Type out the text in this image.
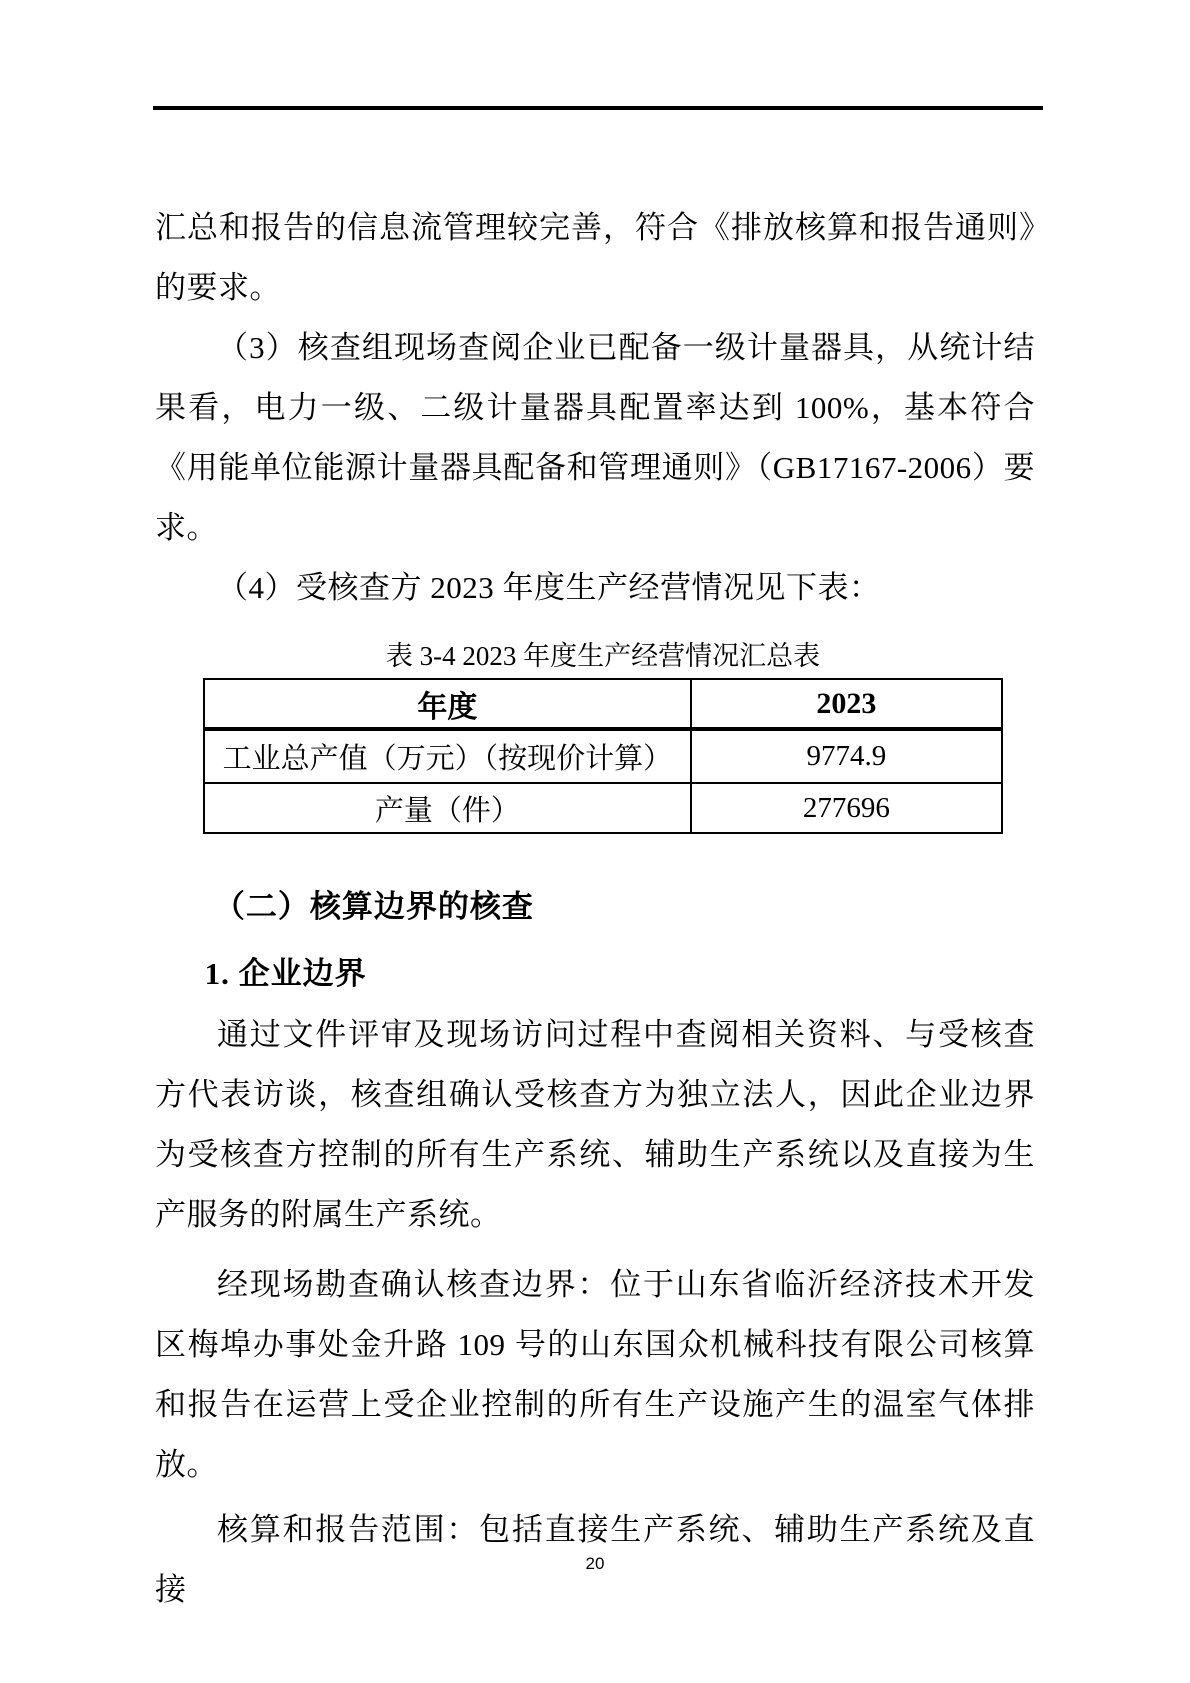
汇总和报告的信息流管理较完善，符合《排放核算和报告通则》的要求。

（3）核查组现场查阅企业已配备一级计量器具，从统计结果看，电力一级、二级计量器具配置率达到 100%，基本符合《用能单位能源计量器具配备和管理通则》（GB17167-2006）要求。

（4）受核查方 2023 年度生产经营情况见下表：

表 3-4 2023 年度生产经营情况汇总表
年度	2023
工业总产值（万元）（按现价计算）	9774.9
产量（件）	277696
（二）核算边界的核查
1. 企业边界

通过文件评审及现场访问过程中查阅相关资料、与受核查方代表访谈，核查组确认受核查方为独立法人，因此企业边界为受核查方控制的所有生产系统、辅助生产系统以及直接为生产服务的附属生产系统。

经现场勘查确认核查边界：位于山东省临沂经济技术开发区梅埠办事处金升路 109 号的山东国众机械科技有限公司核算和报告在运营上受企业控制的所有生产设施产生的温室气体排放。

核算和报告范围：包括直接生产系统、辅助生产系统及直接

20
